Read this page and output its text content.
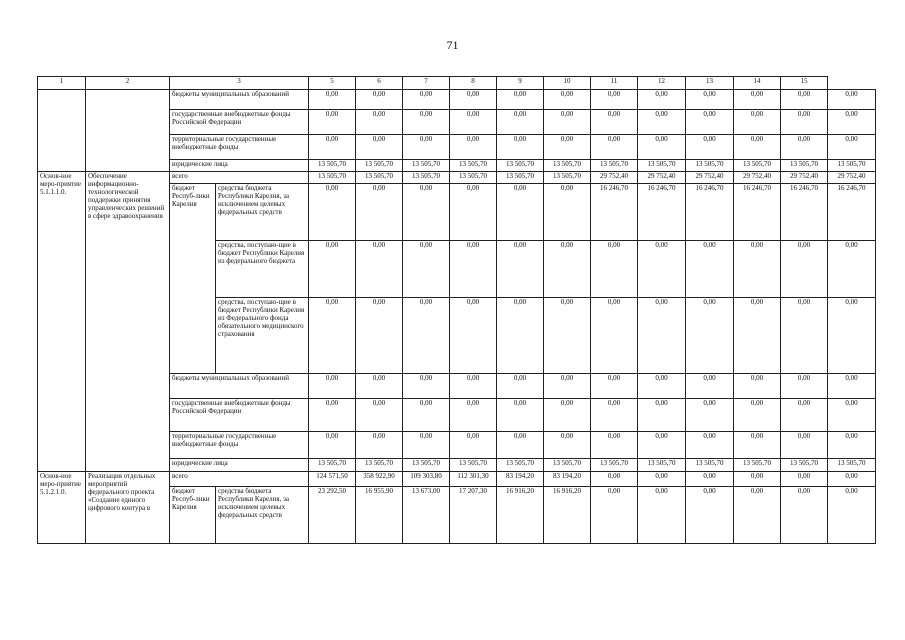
71
1	2	3		5	6	7	8	9	10	11	12	13	14	15	
		бюджеты муниципальных образований		0,00	0,00	0,00	0,00	0,00	0,00	0,00	0,00	0,00	0,00	0,00	0,00
		государственные внебюджетные фонды Российской Федерации		0,00	0,00	0,00	0,00	0,00	0,00	0,00	0,00	0,00	0,00	0,00	0,00
		территориальные государственные внебюджетные фонды		0,00	0,00	0,00	0,00	0,00	0,00	0,00	0,00	0,00	0,00	0,00	0,00
		юридические лица		13 505,70	13 505,70	13 505,70	13 505,70	13 505,70	13 505,70	13 505,70	13 505,70	13 505,70	13 505,70	13 505,70	13 505,70
Основ-ное меро-приятие 5.1.1.1.0.	Обеспечение информационно-технологической поддержки принятия управленческих решений в сфере здравоохранения	всего		13 505,70	13 505,70	13 505,70	13 505,70	13 505,70	13 505,70	29 752,40	29 752,40	29 752,40	29 752,40	29 752,40	29 752,40
		бюджет Респуб-лики Карелия	средства бюджета Республики Карелия, за исключением целевых федеральных средств	0,00	0,00	0,00	0,00	0,00	0,00	16 246,70	16 246,70	16 246,70	16 246,70	16 246,70	16 246,70
			средства, поступаю-щие в бюджет Республики Карелия из федерального бюджета	0,00	0,00	0,00	0,00	0,00	0,00	0,00	0,00	0,00	0,00	0,00	0,00
			средства, поступаю-щие в бюджет Республики Карелия из Федерального фонда обязательного медицинского страхования	0,00	0,00	0,00	0,00	0,00	0,00	0,00	0,00	0,00	0,00	0,00	0,00
		бюджеты муниципальных образований		0,00	0,00	0,00	0,00	0,00	0,00	0,00	0,00	0,00	0,00	0,00	0,00
		государственные внебюджетные фонды Российской Федерации		0,00	0,00	0,00	0,00	0,00	0,00	0,00	0,00	0,00	0,00	0,00	0,00
		территориальные государственные внебюджетные фонды		0,00	0,00	0,00	0,00	0,00	0,00	0,00	0,00	0,00	0,00	0,00	0,00
		юридические лица		13 505,70	13 505,70	13 505,70	13 505,70	13 505,70	13 505,70	13 505,70	13 505,70	13 505,70	13 505,70	13 505,70	13 505,70
Основ-ное меро-приятие 5.1.2.1.0.	Реализация отдельных мероприятий федерального проекта «Создание единого цифрового контура в	всего		124 571,50	358 922,90	109 303,80	112 301,30	83 194,20	83 194,20	0,00	0,00	0,00	0,00	0,00	0,00
		бюджет Респуб-лики Карелия	средства бюджета Республики Карелия, за исключением целевых федеральных средств	23 292,50	16 955,90	13 673,00	17 207,30	16 916,20	16 916,20	0,00	0,00	0,00	0,00	0,00	0,00
